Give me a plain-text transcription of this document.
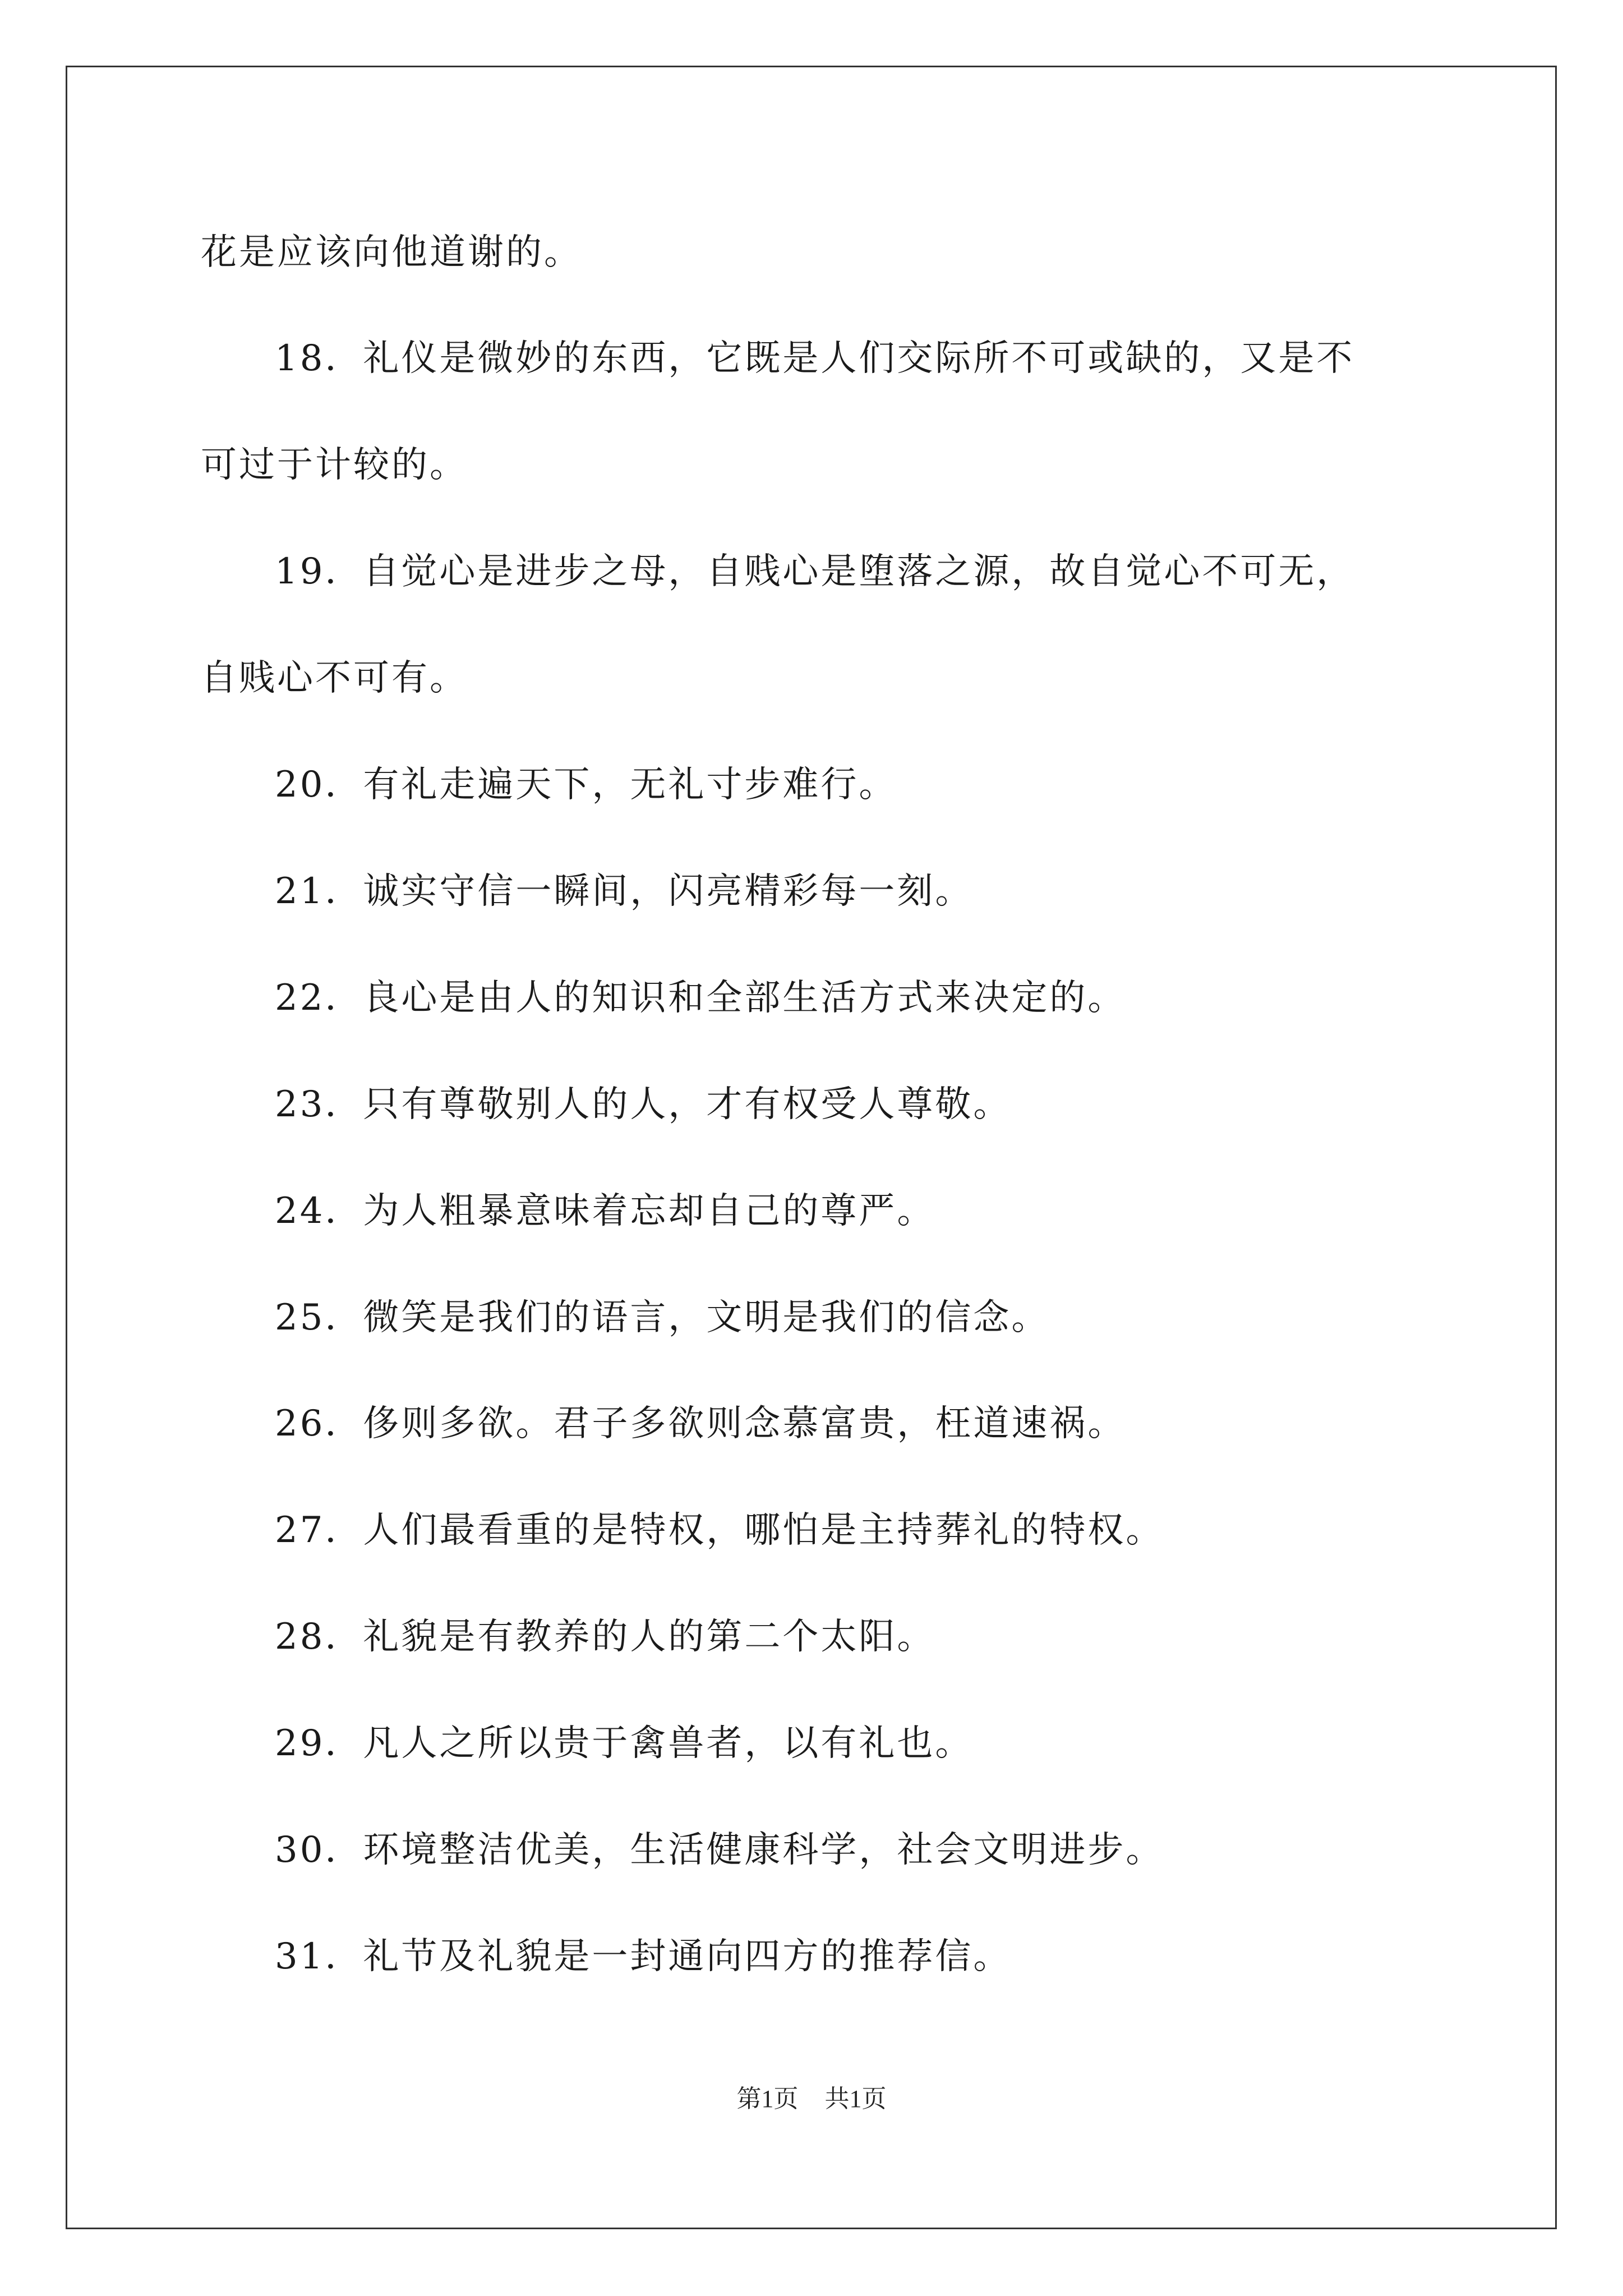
花是应该向他道谢的。
18．礼仪是微妙的东西，它既是人们交际所不可或缺的，又是不
可过于计较的。
19．自觉心是进步之母，自贱心是堕落之源，故自觉心不可无，
自贱心不可有。
20．有礼走遍天下，无礼寸步难行。
21．诚实守信一瞬间，闪亮精彩每一刻。
22．良心是由人的知识和全部生活方式来决定的。
23．只有尊敬别人的人，才有权受人尊敬。
24．为人粗暴意味着忘却自己的尊严。
25．微笑是我们的语言，文明是我们的信念。
26．侈则多欲。君子多欲则念慕富贵，枉道速祸。
27．人们最看重的是特权，哪怕是主持葬礼的特权。
28．礼貌是有教养的人的第二个太阳。
29．凡人之所以贵于禽兽者，以有礼也。
30．环境整洁优美，生活健康科学，社会文明进步。
31．礼节及礼貌是一封通向四方的推荐信。
第1页 共1页
